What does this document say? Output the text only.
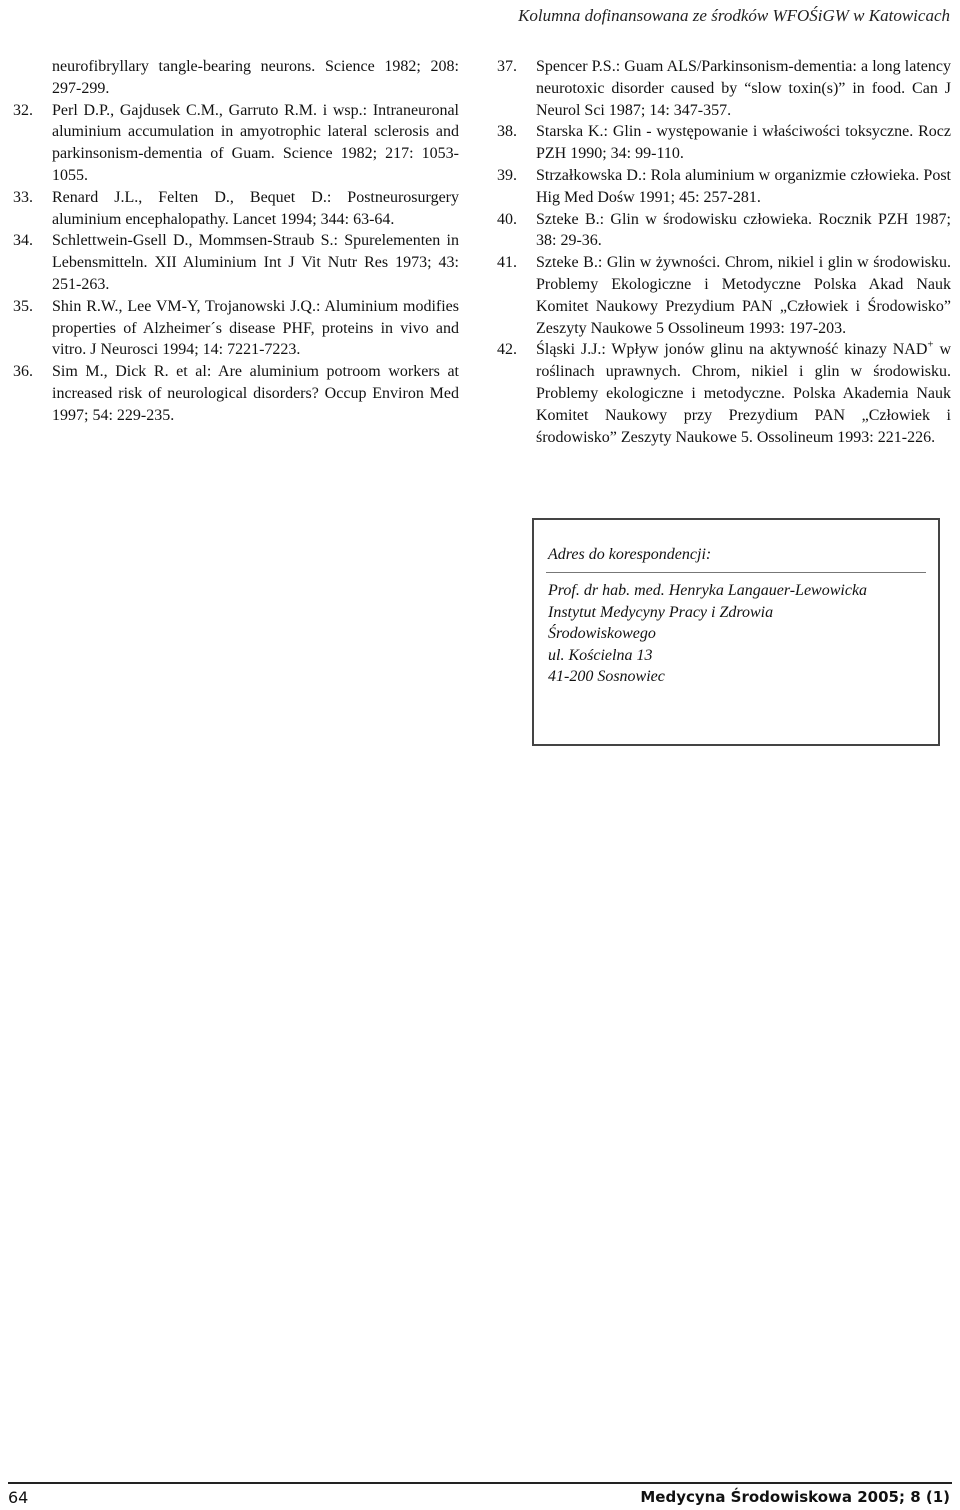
Kolumna dofinansowana ze środków WFOŚiGW w Katowicach
neurofibryllary tangle-bearing neurons. Science 1982; 208: 297-299.
32.	Perl D.P., Gajdusek C.M., Garruto R.M. i wsp.: Intraneuronal aluminium accumulation in amyotrophic lateral sclerosis and parkinsonism-dementia of Guam. Science 1982; 217: 1053-1055.
33.	Renard J.L., Felten D., Bequet D.: Postneurosurgery aluminium encephalopathy. Lancet 1994; 344: 63-64.
34.	Schlettwein-Gsell D., Mommsen-Straub S.: Spurelementen in Lebensmitteln. XII Aluminium Int J Vit Nutr Res 1973; 43: 251-263.
35.	Shin R.W., Lee VM-Y, Trojanowski J.Q.: Aluminium modifies properties of Alzheimer´s disease PHF, proteins in vivo and vitro. J Neurosci 1994; 14: 7221-7223.
36.	Sim M., Dick R. et al: Are aluminium potroom workers at increased risk of neurological disorders? Occup Environ Med 1997; 54: 229-235.
37.	Spencer P.S.: Guam ALS/Parkinsonism-dementia: a long latency neurotoxic disorder caused by “slow toxin(s)” in food. Can J Neurol Sci 1987; 14: 347-357.
38.	Starska K.: Glin - występowanie i właściwości toksyczne. Rocz PZH 1990; 34: 99-110.
39.	Strzałkowska D.: Rola aluminium w organizmie człowieka. Post Hig Med Dośw 1991; 45: 257-281.
40.	Szteke B.: Glin w środowisku człowieka. Rocznik PZH 1987; 38: 29-36.
41.	Szteke B.: Glin w żywności. Chrom, nikiel i glin w środowisku. Problemy Ekologiczne i Metodyczne Polska Akad Nauk Komitet Naukowy Prezydium PAN „Człowiek i Środowisko” Zeszyty Naukowe 5 Ossolineum 1993: 197-203.
42.	Śląski J.J.: Wpływ jonów glinu na aktywność kinazy NAD+ w roślinach uprawnych. Chrom, nikiel i glin w środowisku. Problemy ekologiczne i metodyczne. Polska Akademia Nauk Komitet Naukowy przy Prezydium PAN „Człowiek i środowisko” Zeszyty Naukowe 5. Ossolineum 1993: 221-226.
Adres do korespondencji:
Prof. dr hab. med. Henryka Langauer-Lewowicka
Instytut Medycyny Pracy i Zdrowia
Środowiskowego
ul. Kościelna 13
41-200 Sosnowiec
64	Medycyna Środowiskowa 2005; 8 (1)
